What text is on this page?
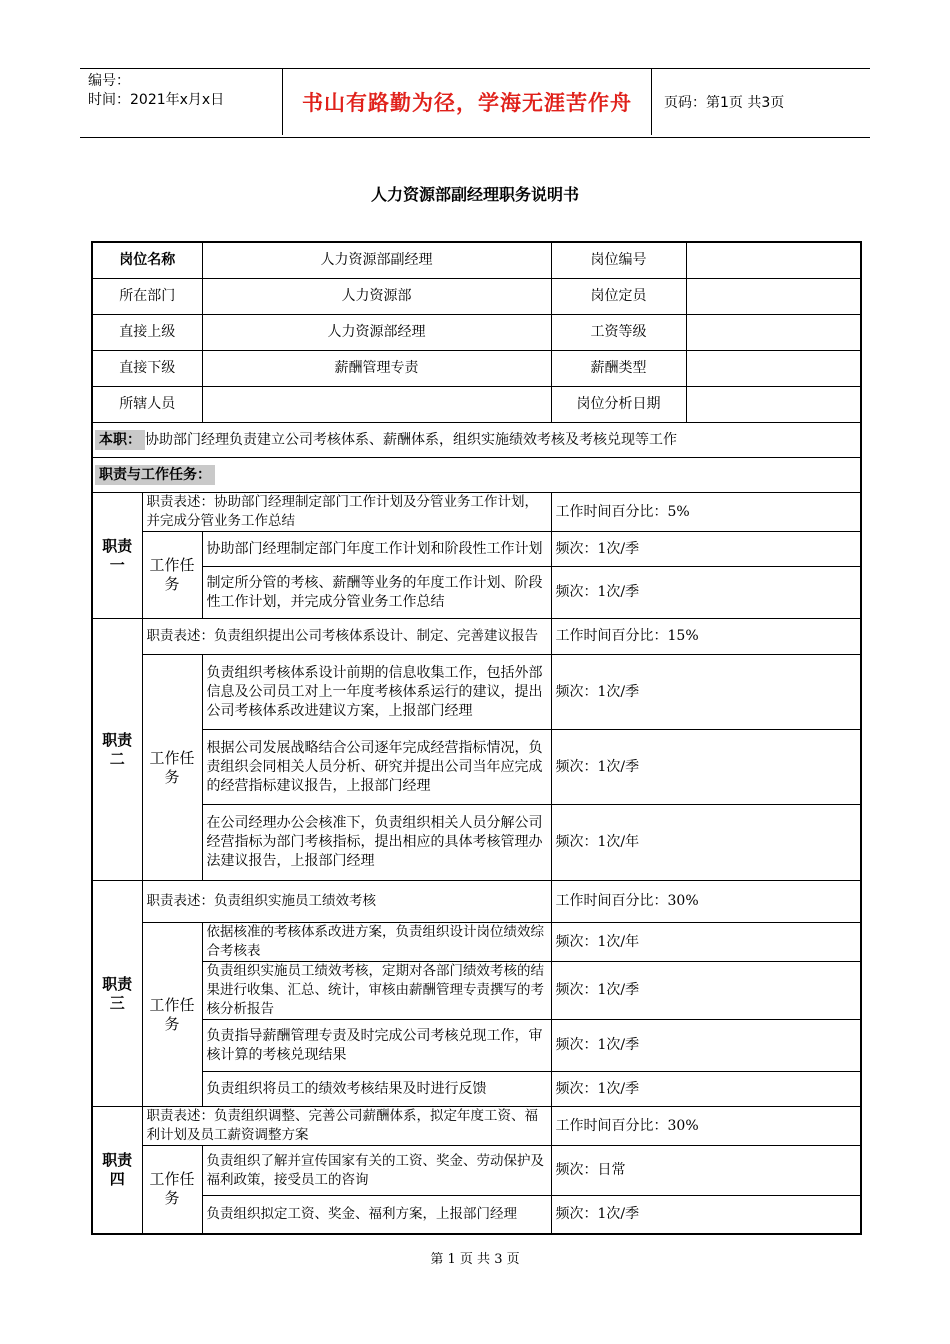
编号：
时间：2021年x月x日	书山有路勤为径，学海无涯苦作舟	页码：第1页 共3页
人力资源部副经理职务说明书
岗位名称		人力资源部副经理	岗位编号	
所在部门		人力资源部	岗位定员	
直接上级		人力资源部经理	工资等级	
直接下级		薪酬管理专责	薪酬类型	
所辖人员			岗位分析日期	
本职： 协助部门经理负责建立公司考核体系、薪酬体系，组织实施绩效考核及考核兑现等工作				
职责与工作任务：				
职责一	职责表述：协助部门经理制定部门工作计划及分管业务工作计划，并完成分管业务工作总结		工作时间百分比：5%	
	工作任务	协助部门经理制定部门年度工作计划和阶段性工作计划	频次：1次/季	
		制定所分管的考核、薪酬等业务的年度工作计划、阶段性工作计划，并完成分管业务工作总结	频次：1次/季	
职责二	职责表述：负责组织提出公司考核体系设计、制定、完善建议报告		工作时间百分比：15%	
	工作任务	负责组织考核体系设计前期的信息收集工作，包括外部信息及公司员工对上一年度考核体系运行的建议，提出公司考核体系改进建议方案，上报部门经理	频次：1次/季	
		根据公司发展战略结合公司逐年完成经营指标情况，负责组织会同相关人员分析、研究并提出公司当年应完成的经营指标建议报告，上报部门经理	频次：1次/季	
		在公司经理办公会核准下，负责组织相关人员分解公司经营指标为部门考核指标，提出相应的具体考核管理办法建议报告，上报部门经理	频次：1次/年	
职责三	职责表述：负责组织实施员工绩效考核		工作时间百分比：30%	
	工作任务	依据核准的考核体系改进方案，负责组织设计岗位绩效综合考核表	频次：1次/年	
		负责组织实施员工绩效考核，定期对各部门绩效考核的结果进行收集、汇总、统计，审核由薪酬管理专责撰写的考核分析报告	频次：1次/季	
		负责指导薪酬管理专责及时完成公司考核兑现工作，审核计算的考核兑现结果	频次：1次/季	
		负责组织将员工的绩效考核结果及时进行反馈	频次：1次/季	
职责四	职责表述：负责组织调整、完善公司薪酬体系，拟定年度工资、福利计划及员工薪资调整方案		工作时间百分比：30%	
	工作任务	负责组织了解并宣传国家有关的工资、奖金、劳动保护及福利政策，接受员工的咨询	频次：日常	
		负责组织拟定工资、奖金、福利方案，上报部门经理	频次：1次/季	
第 1 页 共 3 页
